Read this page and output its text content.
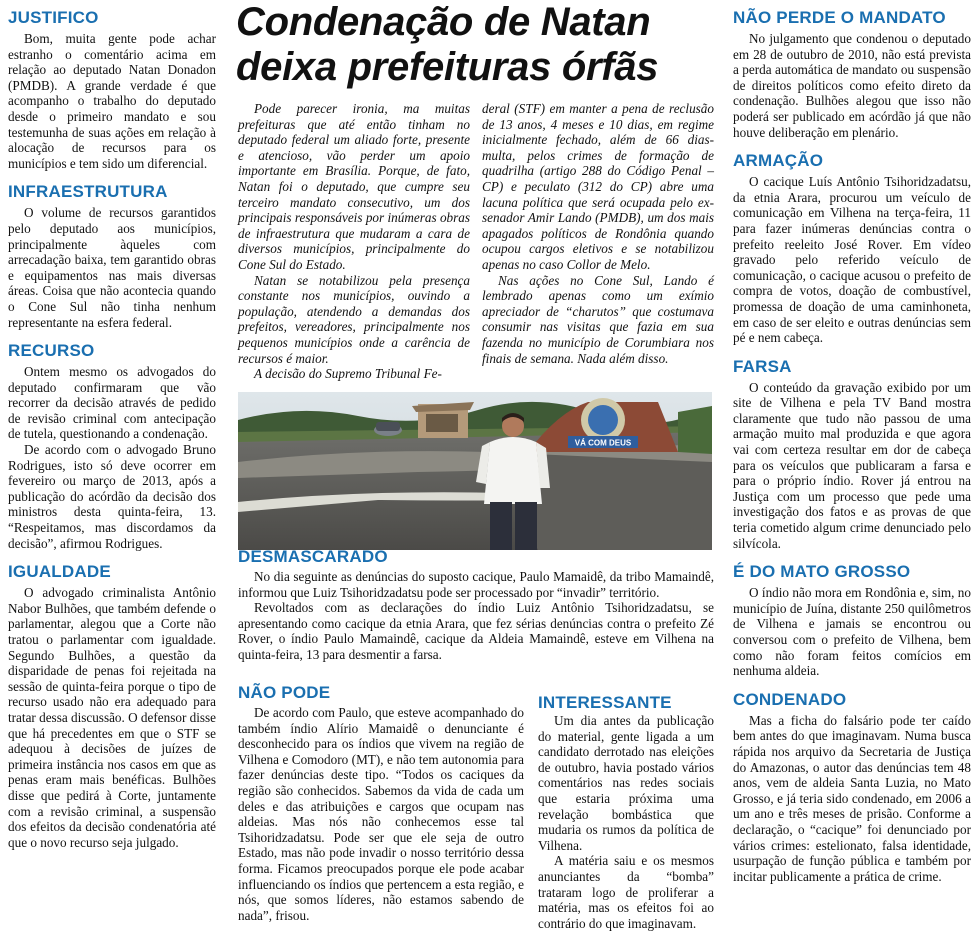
JUSTIFICO

Bom, muita gente pode achar estranho o comentário acima em relação ao deputado Natan Donadon (PMDB). A grande verdade é que acompanho o trabalho do deputado desde o primeiro mandato e sou testemunha de suas ações em relação à alocação de recursos para os municípios e tem sido um diferencial.

INFRAESTRUTURA

O volume de recursos garantidos pelo deputado aos municípios, principalmente àqueles com arrecadação baixa, tem garantido obras e equipamentos nas mais diversas áreas. Coisa que não acontecia quando o Cone Sul não tinha nenhum representante na esfera federal.

RECURSO

Ontem mesmo os advogados do deputado confirmaram que vão recorrer da decisão através de pedido de revisão criminal com antecipação de tutela, questionando a condenação.

De acordo com o advogado Bruno Rodrigues, isto só deve ocorrer em fevereiro ou março de 2013, após a publicação do acórdão da decisão dos ministros desta quinta-feira, 13. “Respeitamos, mas discordamos da decisão”, afirmou Rodrigues.

IGUALDADE

O advogado criminalista Antônio Nabor Bulhões, que também defende o parlamentar, alegou que a Corte não tratou o parlamentar com igualdade. Segundo Bulhões, a questão da disparidade de penas foi rejeitada na sessão de quinta-feira porque o tipo de recurso usado não era adequado para tratar dessa discussão. O defensor disse que há precedentes em que o STF se adequou à decisões de juízes de primeira instância nos casos em que as penas eram mais benéficas. Bulhões disse que pedirá à Corte, juntamente com a revisão criminal, a suspensão dos efeitos da decisão condenatória até que o novo recurso seja julgado.

Condenação de Natan
deixa prefeituras órfãs

Pode parecer ironia, ma muitas prefeituras que até então tinham no deputado federal um aliado forte, presente e atencioso, vão perder um apoio importante em Brasília. Porque, de fato, Natan foi o deputado, que cumpre seu terceiro mandato consecutivo, um dos principais responsáveis por inúmeras obras de infraestrutura que mudaram a cara de diversos municípios, principalmente do Cone Sul do Estado.

Natan se notabilizou pela presença constante nos municípios, ouvindo a população, atendendo a demandas dos prefeitos, vereadores, principalmente nos pequenos municípios onde a carência de recursos é maior.

A decisão do Supremo Tribunal Fe-

deral (STF) em manter a pena de reclusão de 13 anos, 4 meses e 10 dias, em regime inicialmente fechado, além de 66 dias-multa, pelos crimes de formação de quadrilha (artigo 288 do Código Penal – CP) e peculato (312 do CP) abre uma lacuna política que será ocupada pelo ex-senador Amir Lando (PMDB), um dos mais apagados políticos de Rondônia quando ocupou cargos eletivos e se notabilizou apenas no caso Collor de Melo.

Nas ações no Cone Sul, Lando é lembrado apenas como um exímio apreciador de “charutos” que costumava consumir nas visitas que fazia em sua fazenda no município de Corumbiara nos finais de semana. Nada além disso.

VÁ COM DEUS
DESMASCARADO

No dia seguinte as denúncias do suposto cacique, Paulo Mamaidê, da tribo Mamaindê, informou que Luiz Tsihoridzadatsu pode ser processado por “invadir” território.

Revoltados com as declarações do índio Luiz Antônio Tsihoridzadatsu, se apresentando como cacique da etnia Arara, que fez sérias denúncias contra o prefeito Zé Rover, o índio Paulo Mamaindê, cacique da Aldeia Mamaindê, esteve em Vilhena na quinta-feira, 13 para desmentir a farsa.

NÃO PODE

De acordo com Paulo, que esteve acompanhado do também índio Alírio Mamaidê o denunciante é desconhecido para os índios que vivem na região de Vilhena e Comodoro (MT), e não tem autonomia para fazer denúncias deste tipo. “Todos os caciques da região são conhecidos. Sabemos da vida de cada um deles e das atribuições e cargos que ocupam nas aldeias. Mas nós não conhecemos esse tal Tsihoridzadatsu. Pode ser que ele seja de outro Estado, mas não pode invadir o nosso território dessa forma. Ficamos preocupados porque ele pode acabar influenciando os índios que pertencem a esta região, e nós, que somos líderes, não estamos sabendo de nada”, frisou.

INTERESSANTE

Um dia antes da publicação do material, gente ligada a um candidato derrotado nas eleições de outubro, havia postado vários comentários nas redes sociais que estaria próxima uma revelação bombástica que mudaria os rumos da política de Vilhena.

A matéria saiu e os mesmos anunciantes da “bomba” trataram logo de proliferar a matéria, mas os efeitos foi ao contrário do que imaginavam.

NÃO PERDE O MANDATO

No julgamento que condenou o deputado em 28 de outubro de 2010, não está prevista a perda automática de mandato ou suspensão de direitos políticos como efeito direto da condenação. Bulhões alegou que isso não poderá ser publicado em acórdão já que não houve deliberação em plenário.

ARMAÇÃO

O cacique Luís Antônio Tsihoridzadatsu, da etnia Arara, procurou um veículo de comunicação em Vilhena na terça-feira, 11 para fazer inúmeras denúncias contra o prefeito reeleito José Rover. Em vídeo gravado pelo referido veículo de comunicação, o cacique acusou o prefeito de compra de votos, doação de combustível, promessa de doação de uma caminhoneta, em caso de ser eleito e outras denúncias sem pé e nem cabeça.

FARSA

O conteúdo da gravação exibido por um site de Vilhena e pela TV Band mostra claramente que tudo não passou de uma armação muito mal produzida e que agora vai com certeza resultar em dor de cabeça para os veículos que publicaram a farsa e para o próprio índio. Rover já entrou na Justiça com um processo que pede uma investigação dos fatos e as provas de que teria cometido algum crime denunciado pelo silvícola.

É DO MATO GROSSO

O índio não mora em Rondônia e, sim, no município de Juína, distante 250 quilômetros de Vilhena e jamais se encontrou ou conversou com o prefeito de Vilhena, bem como não foram feitos comícios em nenhuma aldeia.

CONDENADO

Mas a ficha do falsário pode ter caído bem antes do que imaginavam. Numa busca rápida nos arquivo da Secretaria de Justiça do Amazonas, o autor das denúncias tem 48 anos, vem de aldeia Santa Luzia, no Mato Grosso, e já teria sido condenado, em 2006 a um ano e três meses de prisão. Conforme a declaração, o “cacique” foi denunciado por vários crimes: estelionato, falsa identidade, usurpação de função pública e também por incitar publicamente a prática de crime.
